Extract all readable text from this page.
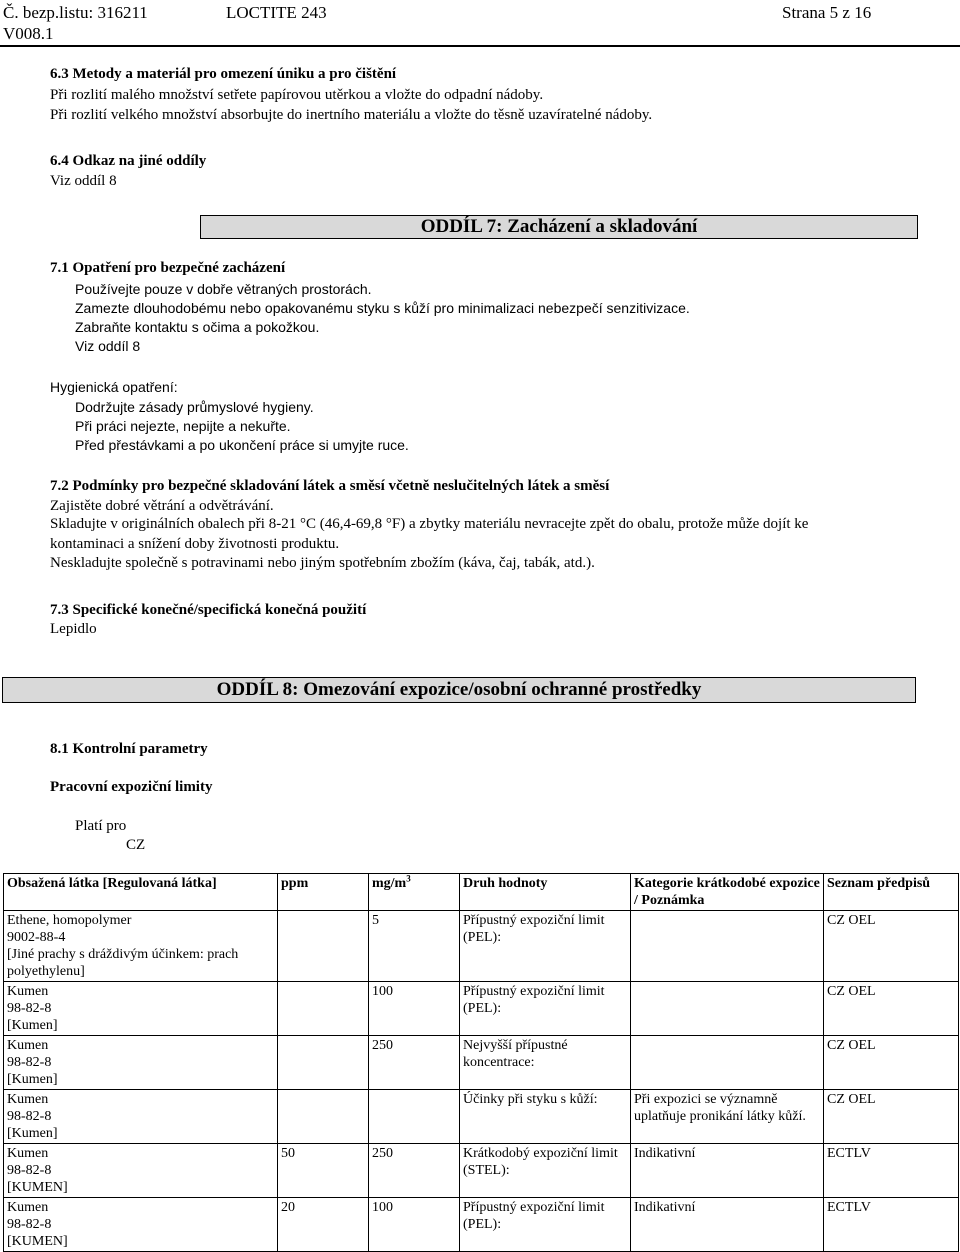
Č. bezp.listu: 316211	LOCTITE 243	Strana 5 z 16
V008.1
6.3 Metody a materiál pro omezení úniku a pro čištění
Při rozlití malého množství setřete papírovou utěrkou a vložte do odpadní nádoby.
Při rozlití velkého množství absorbujte do inertního materiálu a vložte do těsně uzavíratelné nádoby.
6.4 Odkaz na jiné oddíly
Viz oddíl 8
ODDÍL 7: Zacházení a skladování
7.1 Opatření pro bezpečné zacházení
Používejte pouze v dobře větraných prostorách.
Zamezte dlouhodobému nebo opakovanému styku s kůží pro minimalizaci nebezpečí senzitivizace.
Zabraňte kontaktu s očima a pokožkou.
Viz oddíl 8
Hygienická opatření:
Dodržujte zásady průmyslové hygieny.
Při práci nejezte, nepijte a nekuřte.
Před přestávkami a po ukončení práce si umyjte ruce.
7.2 Podmínky pro bezpečné skladování látek a směsí včetně neslučitelných látek a směsí
Zajistěte dobré větrání a odvětrávání.
Skladujte v originálních obalech při 8-21 °C (46,4-69,8 °F) a zbytky materiálu nevracejte zpět do obalu, protože může dojít ke
kontaminaci a snížení doby životnosti produktu.
Neskladujte společně s potravinami nebo jiným spotřebním zbožím (káva, čaj, tabák, atd.).
7.3 Specifické konečné/specifická konečná použití
Lepidlo
ODDÍL 8: Omezování expozice/osobní ochranné prostředky
8.1 Kontrolní parametry
Pracovní expoziční limity
Platí pro
CZ
Obsažená látka [Regulovaná látka]	ppm	$mg/m^3$	Druh hodnoty	Kategorie krátkodobé expozice / Poznámka	Seznam předpisů

Ethene, homopolymer
9002-88-4
[Jiné prachy s dráždivým účinkem: prach polyethylenu]		5	Přípustný expoziční limit (PEL):		CZ OEL

Kumen
98-82-8
[Kumen]		100	Přípustný expoziční limit (PEL):		CZ OEL

Kumen
98-82-8
[Kumen]		250	Nejvyšší přípustné koncentrace:		CZ OEL

Kumen
98-82-8
[Kumen]			Účinky při styku s kůží:	Při expozici se významně uplatňuje pronikání látky kůží.	CZ OEL

Kumen
98-82-8
[KUMEN]	50	250	Krátkodobý expoziční limit (STEL):	Indikativní	ECTLV

Kumen
98-82-8
[KUMEN]	20	100	Přípustný expoziční limit (PEL):	Indikativní	ECTLV
